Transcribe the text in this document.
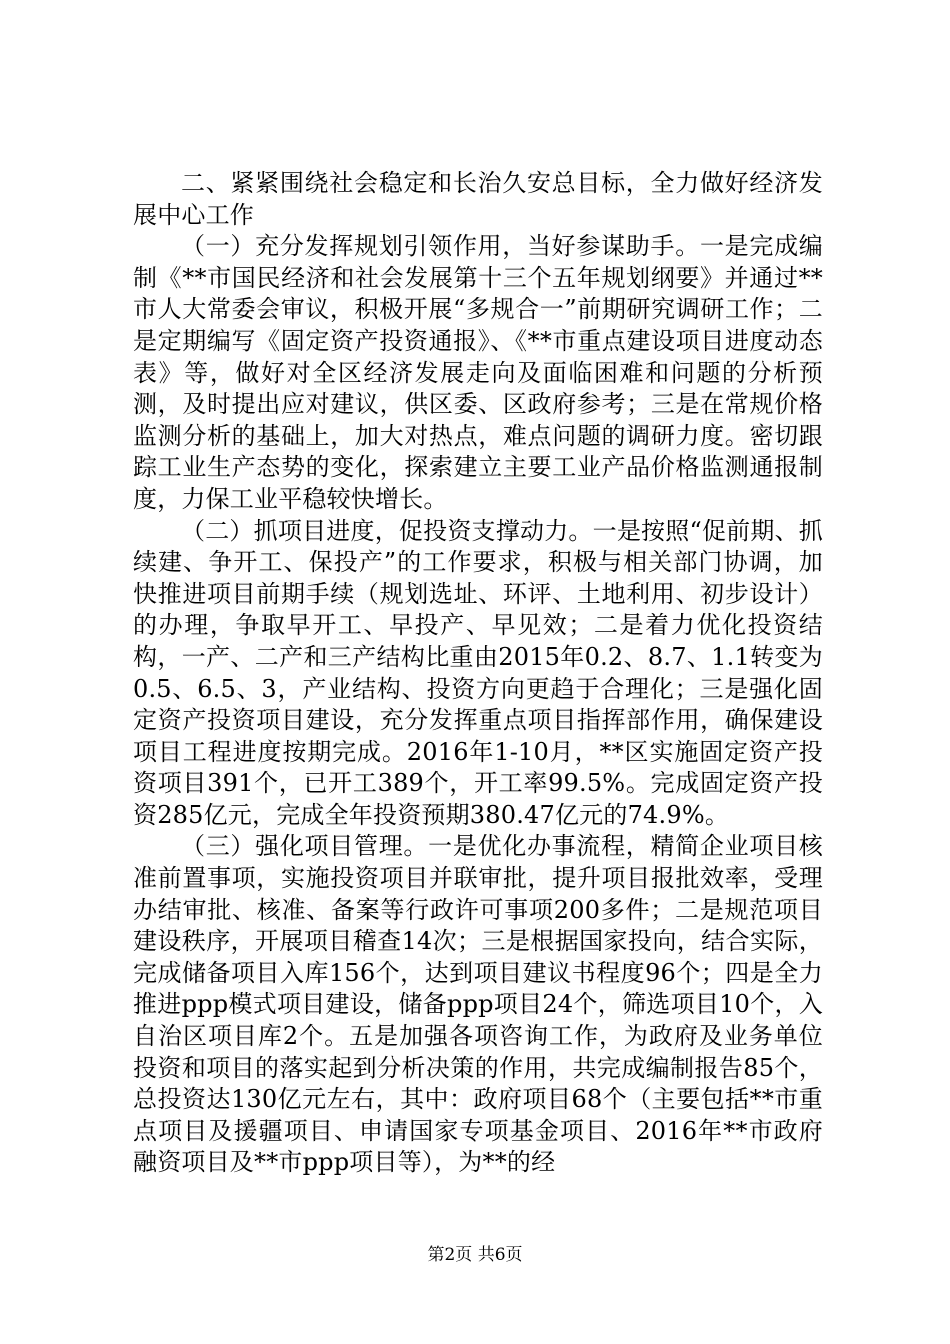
二、紧紧围绕社会稳定和长治久安总目标，全力做好经济发展中心工作

（一）充分发挥规划引领作用，当好参谋助手。一是完成编制《**市国民经济和社会发展第十三个五年规划纲要》并通过**市人大常委会审议，积极开展“多规合一”前期研究调研工作；二是定期编写《固定资产投资通报》、《**市重点建设项目进度动态表》等，做好对全区经济发展走向及面临困难和问题的分析预测，及时提出应对建议，供区委、区政府参考；三是在常规价格监测分析的基础上，加大对热点，难点问题的调研力度。密切跟踪工业生产态势的变化，探索建立主要工业产品价格监测通报制度，力保工业平稳较快增长。

（二）抓项目进度，促投资支撑动力。一是按照“促前期、抓续建、争开工、保投产”的工作要求，积极与相关部门协调，加快推进项目前期手续（规划选址、环评、土地利用、初步设计）的办理，争取早开工、早投产、早见效；二是着力优化投资结构，一产、二产和三产结构比重由2015年0.2、8.7、1.1转变为0.5、6.5、3，产业结构、投资方向更趋于合理化；三是强化固定资产投资项目建设，充分发挥重点项目指挥部作用，确保建设项目工程进度按期完成。2016年1-10月，**区实施固定资产投资项目391个，已开工389个，开工率99.5%。完成固定资产投资285亿元，完成全年投资预期380.47亿元的74.9%。

（三）强化项目管理。一是优化办事流程，精简企业项目核准前置事项，实施投资项目并联审批，提升项目报批效率，受理办结审批、核准、备案等行政许可事项200多件；二是规范项目建设秩序，开展项目稽查14次；三是根据国家投向，结合实际，完成储备项目入库156个，达到项目建议书程度96个；四是全力推进ppp模式项目建设，储备ppp项目24个，筛选项目10个，入自治区项目库2个。五是加强各项咨询工作，为政府及业务单位投资和项目的落实起到分析决策的作用，共完成编制报告85个，总投资达130亿元左右，其中：政府项目68个（主要包括**市重点项目及援疆项目、申请国家专项基金项目、2016年**市政府融资项目及**市ppp项目等），为**的经

第2页 共6页
